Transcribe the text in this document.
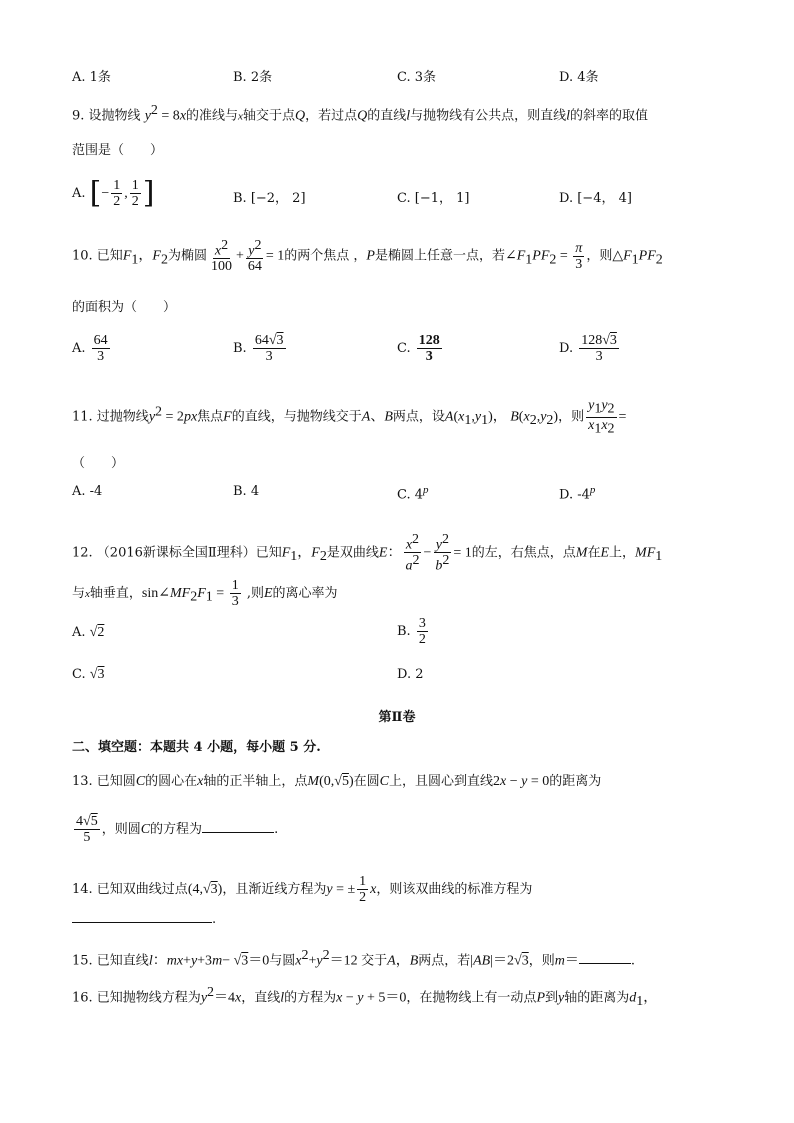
A. 1条	B. 2条	C. 3条	D. 4条
9. 设抛物线 $y^2 = 8x$的准线与x轴交于点Q，若过点Q的直线l与抛物线有公共点，则直线l的斜率的取值
范围是（　　）
A. [− $\frac{1}{2}$ , $\frac{1}{2}$ ]	B. [−2， 2]	C. [−1， 1]	D. [−4， 4]
10. 已知$F_1$，$F_2$为椭圆 $\frac{x^2}{100} + \frac{y^2}{64} = 1$的两个焦点 ，P是椭圆上任意一点，若$\angle F_1PF_2 = \frac{\pi}{3}$ ，则$\triangle F_1PF_2$
的面积为（　　）
A. $\frac{64}{3}$	B. $\frac{64√3}{3}$	C. $\frac{128}{3}$	D. $\frac{128√3}{3}$
11. 过抛物线$y^2 = 2px$焦点F的直线，与抛物线交于A、B两点，设$A(x_1,y_1)$， $B(x_2,y_2)$，则 $\frac{y_1y_2}{x_1x_2}$ =
（　　）
A. -4	B. 4	C. 4$^p$	D. -4$^p$
12. （2016新课标全国Ⅱ理科）已知$F_1$，$F_2$是双曲线E： $\frac{x^2}{a^2} - \frac{y^2}{b^2} = 1$的左，右焦点，点M在E上，$MF_1$
与x轴垂直，$\sin\angle MF_2F_1 = \frac{1}{3}$ ,则E的离心率为
A. √2	B. $\frac{3}{2}$
C. √3	D. 2
第Ⅱ卷
二、填空题：本题共 4 小题，每小题 5 分.
13. 已知圆C的圆心在x轴的正半轴上，点M(0,√5)在圆C上，且圆心到直线2x − y = 0的距离为
$\frac{4√5}{5}$ ，则圆C的方程为	.
14. 已知双曲线过点(4,√3)，且渐近线方程为y = ± $\frac{1}{2}$ x，则该双曲线的标准方程为
.
15. 已知直线l：mx+y+3m− √3＝0与圆$x^2+y^2=12$ 交于A，B两点，若|AB|＝2√3，则m＝	.
16. 已知抛物线方程为$y^2=4x$，直线l的方程为x − y + 5＝0，在抛物线上有一动点P到y轴的距离为$d_1$，
